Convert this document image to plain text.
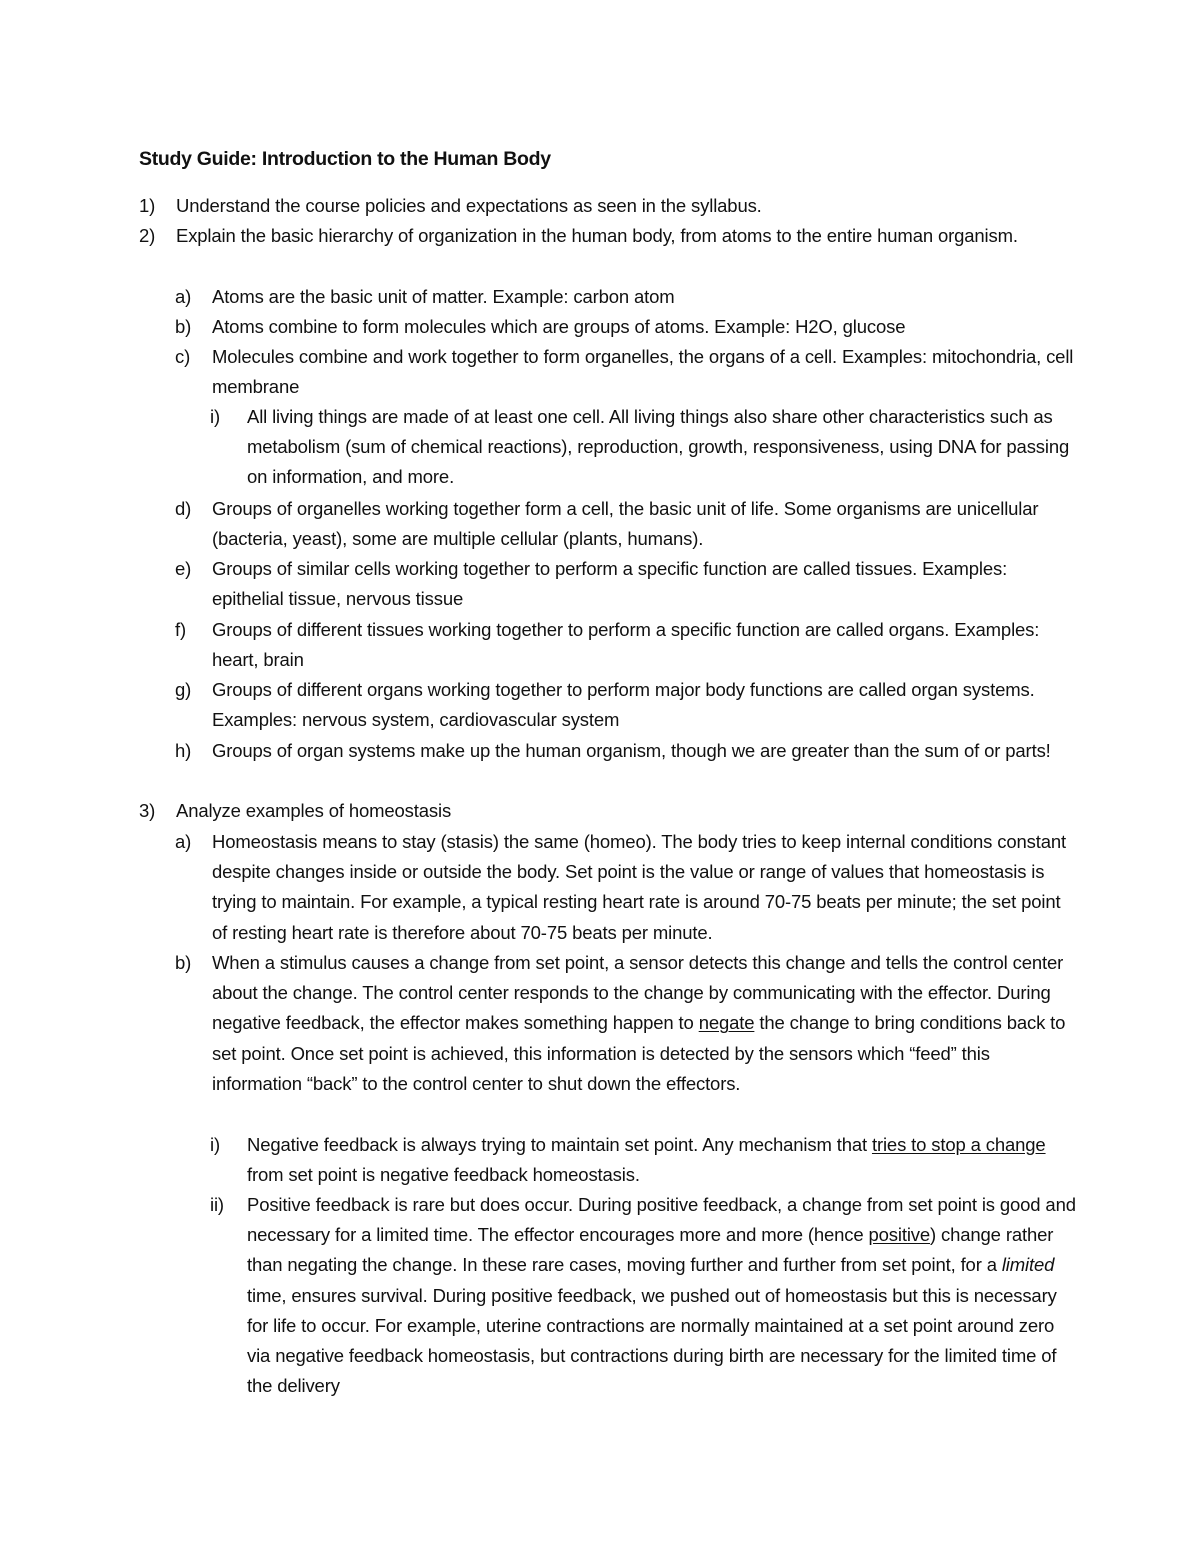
Study Guide: Introduction to the Human Body
1) Understand the course policies and expectations as seen in the syllabus.
2) Explain the basic hierarchy of organization in the human body, from atoms to the entire human organism.
a) Atoms are the basic unit of matter. Example: carbon atom
b) Atoms combine to form molecules which are groups of atoms. Example: H2O, glucose
c) Molecules combine and work together to form organelles, the organs of a cell. Examples: mitochondria, cell membrane
i) All living things are made of at least one cell. All living things also share other characteristics such as metabolism (sum of chemical reactions), reproduction, growth, responsiveness, using DNA for passing on information, and more.
d) Groups of organelles working together form a cell, the basic unit of life. Some organisms are unicellular (bacteria, yeast), some are multiple cellular (plants, humans).
e) Groups of similar cells working together to perform a specific function are called tissues. Examples: epithelial tissue, nervous tissue
f) Groups of different tissues working together to perform a specific function are called organs. Examples: heart, brain
g) Groups of different organs working together to perform major body functions are called organ systems. Examples: nervous system, cardiovascular system
h) Groups of organ systems make up the human organism, though we are greater than the sum of or parts!
3) Analyze examples of homeostasis
a) Homeostasis means to stay (stasis) the same (homeo). The body tries to keep internal conditions constant despite changes inside or outside the body. Set point is the value or range of values that homeostasis is trying to maintain. For example, a typical resting heart rate is around 70-75 beats per minute; the set point of resting heart rate is therefore about 70-75 beats per minute.
b) When a stimulus causes a change from set point, a sensor detects this change and tells the control center about the change. The control center responds to the change by communicating with the effector. During negative feedback, the effector makes something happen to negate the change to bring conditions back to set point. Once set point is achieved, this information is detected by the sensors which “feed” this information “back” to the control center to shut down the effectors.
i) Negative feedback is always trying to maintain set point. Any mechanism that tries to stop a change from set point is negative feedback homeostasis.
ii) Positive feedback is rare but does occur. During positive feedback, a change from set point is good and necessary for a limited time. The effector encourages more and more (hence positive) change rather than negating the change. In these rare cases, moving further and further from set point, for a limited time, ensures survival. During positive feedback, we pushed out of homeostasis but this is necessary for life to occur. For example, uterine contractions are normally maintained at a set point around zero via negative feedback homeostasis, but contractions during birth are necessary for the limited time of the delivery
